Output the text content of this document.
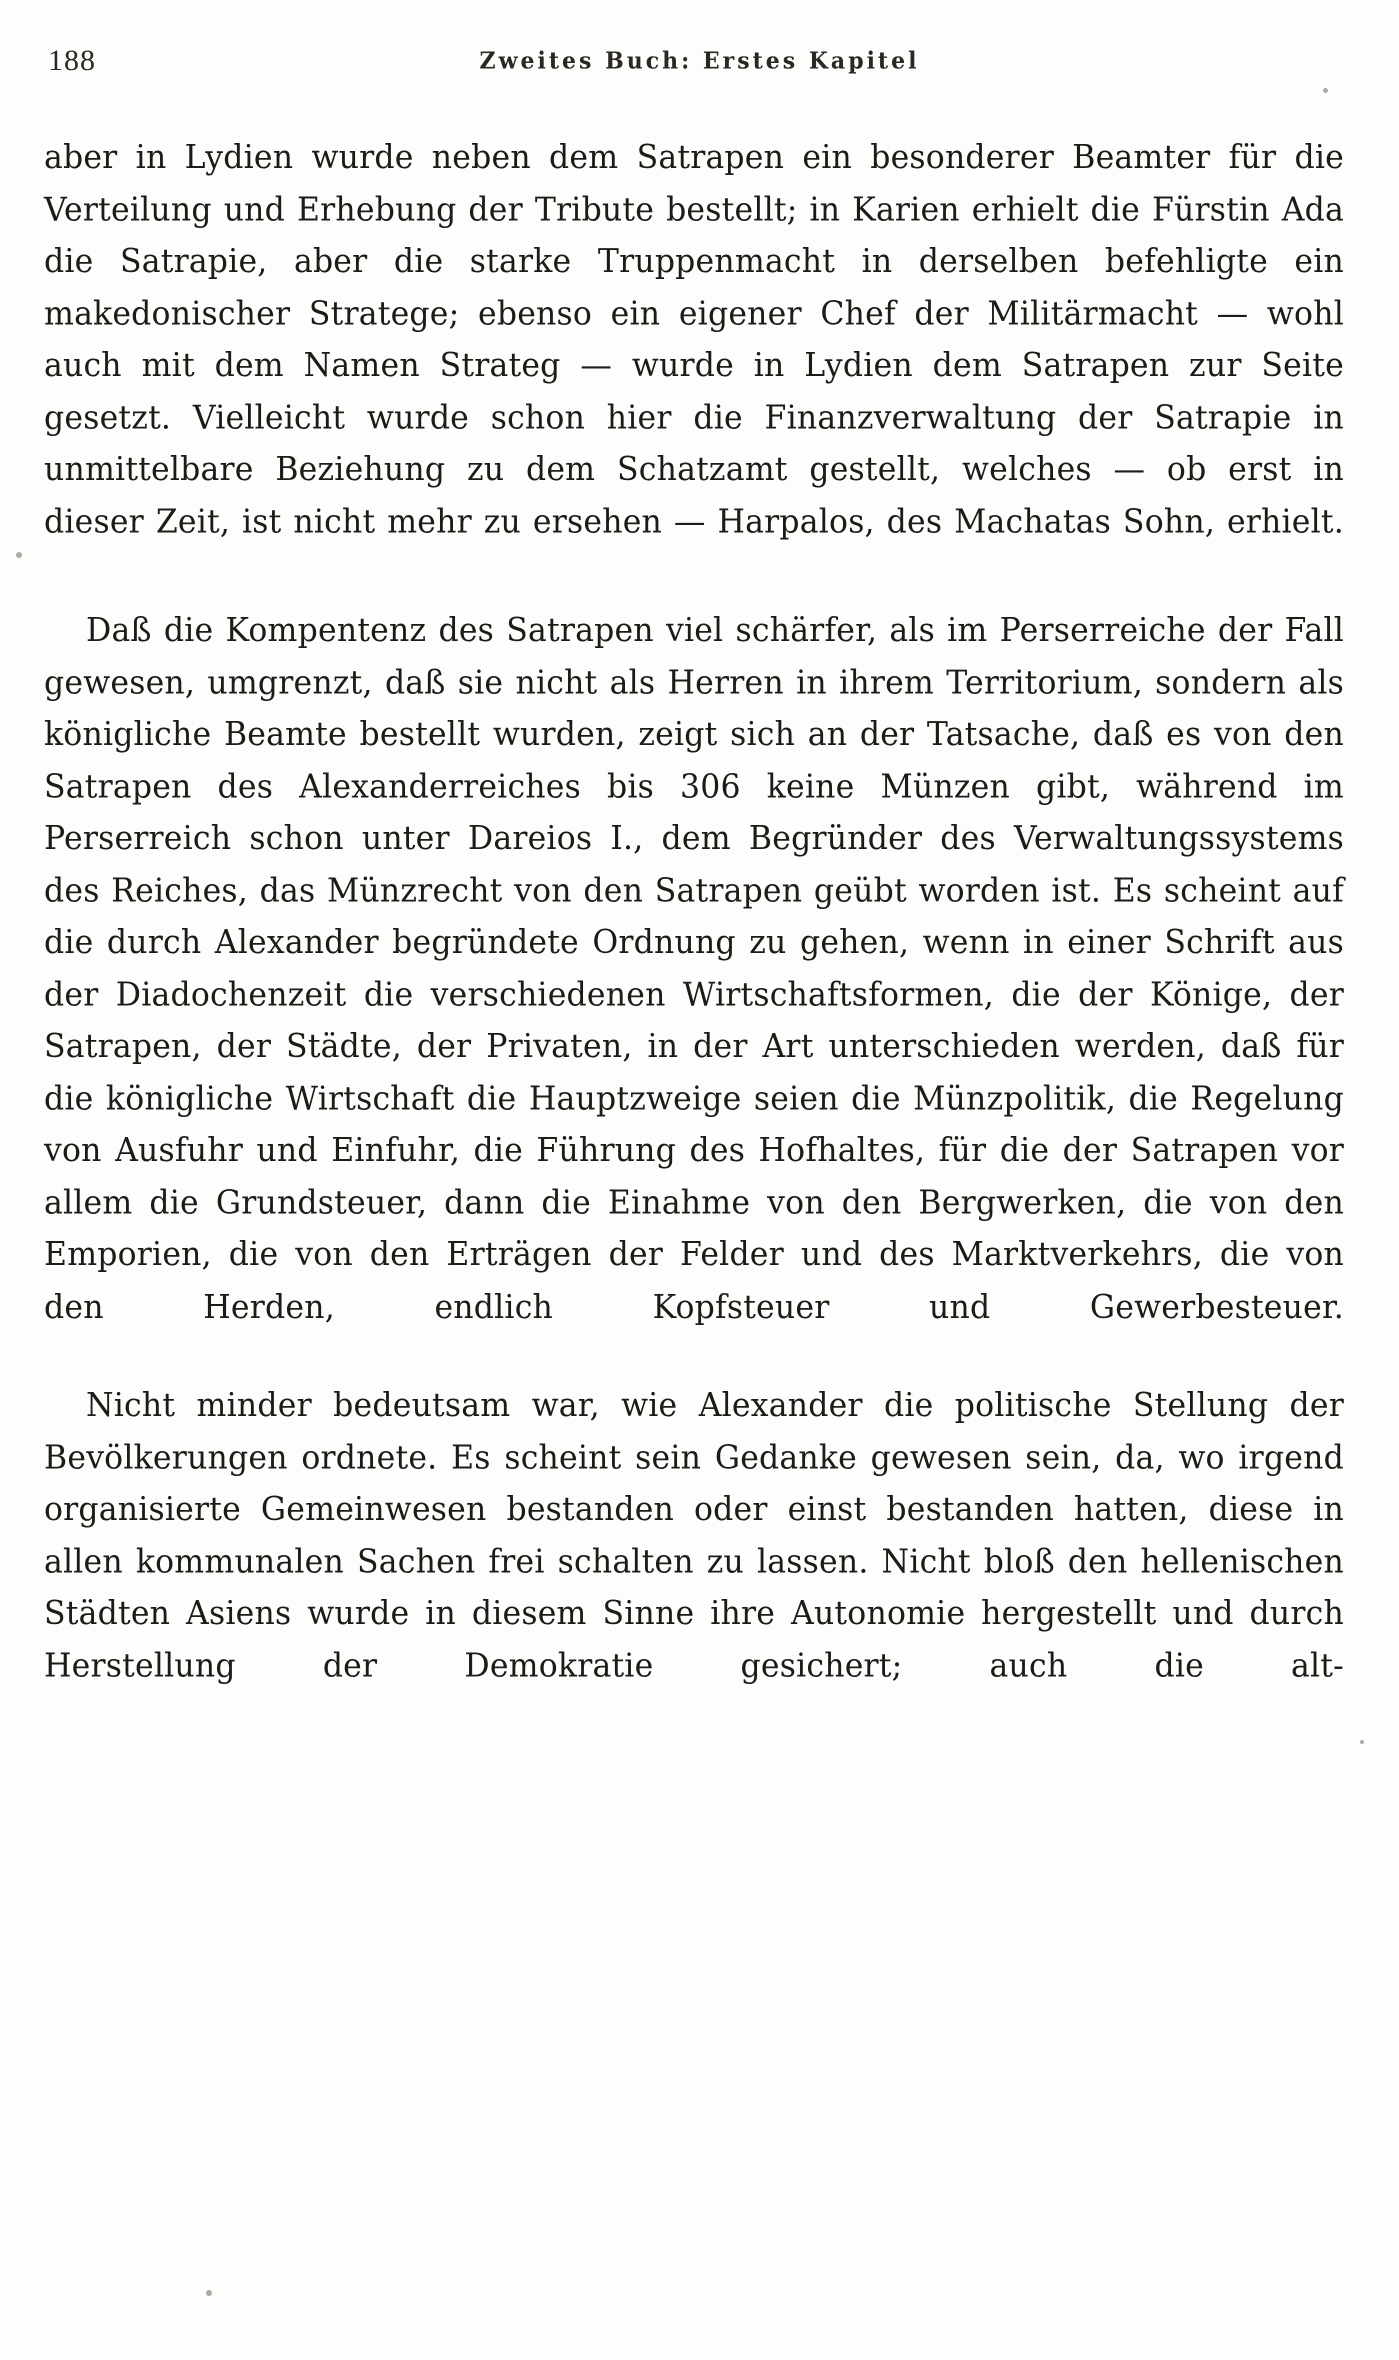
188	Zweites Buch: Erstes Kapitel

aber in Lydien wurde neben dem Satrapen ein besonderer Beamter für die Verteilung und Erhebung der Tribute bestellt; in Karien erhielt die Fürstin Ada die Satrapie, aber die starke Truppenmacht in derselben befehligte ein makedonischer Stratege; ebenso ein eigener Chef der Militärmacht — wohl auch mit dem Namen Strateg — wurde in Lydien dem Satrapen zur Seite gesetzt. Vielleicht wurde schon hier die Finanzverwaltung der Satrapie in unmittelbare Beziehung zu dem Schatzamt gestellt, welches — ob erst in dieser Zeit, ist nicht mehr zu ersehen — Harpalos, des Machatas Sohn, erhielt.

Daß die Kompentenz des Satrapen viel schärfer, als im Perserreiche der Fall gewesen, umgrenzt, daß sie nicht als Herren in ihrem Territorium, sondern als königliche Beamte bestellt wurden, zeigt sich an der Tatsache, daß es von den Satrapen des Alexanderreiches bis 306 keine Münzen gibt, während im Perserreich schon unter Dareios I., dem Begründer des Verwaltungssystems des Reiches, das Münzrecht von den Satrapen geübt worden ist. Es scheint auf die durch Alexander begründete Ordnung zu gehen, wenn in einer Schrift aus der Diadochenzeit die verschiedenen Wirtschaftsformen, die der Könige, der Satrapen, der Städte, der Privaten, in der Art unterschieden werden, daß für die königliche Wirtschaft die Hauptzweige seien die Münzpolitik, die Regelung von Ausfuhr und Einfuhr, die Führung des Hofhaltes, für die der Satrapen vor allem die Grundsteuer, dann die Einahme von den Bergwerken, die von den Emporien, die von den Erträgen der Felder und des Marktverkehrs, die von den Herden, endlich Kopfsteuer und Gewerbesteuer.

Nicht minder bedeutsam war, wie Alexander die politische Stellung der Bevölkerungen ordnete. Es scheint sein Gedanke gewesen sein, da, wo irgend organisierte Gemeinwesen bestanden oder einst bestanden hatten, diese in allen kommunalen Sachen frei schalten zu lassen. Nicht bloß den hellenischen Städten Asiens wurde in diesem Sinne ihre Autonomie hergestellt und durch Herstellung der Demokratie gesichert; auch die alt-
